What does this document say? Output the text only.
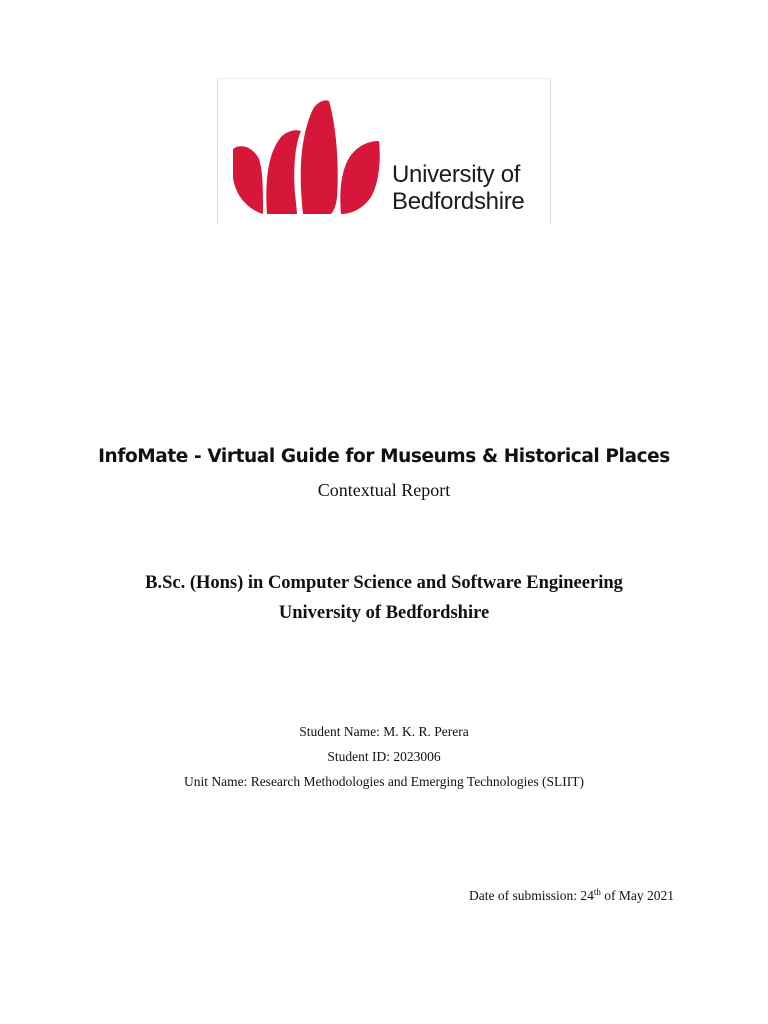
University of
Bedfordshire
InfoMate - Virtual Guide for Museums & Historical Places
Contextual Report
B.Sc. (Hons) in Computer Science and Software Engineering
University of Bedfordshire
Student Name: M. K. R. Perera
Student ID: 2023006
Unit Name: Research Methodologies and Emerging Technologies (SLIIT)
Date of submission: 24th of May 2021
